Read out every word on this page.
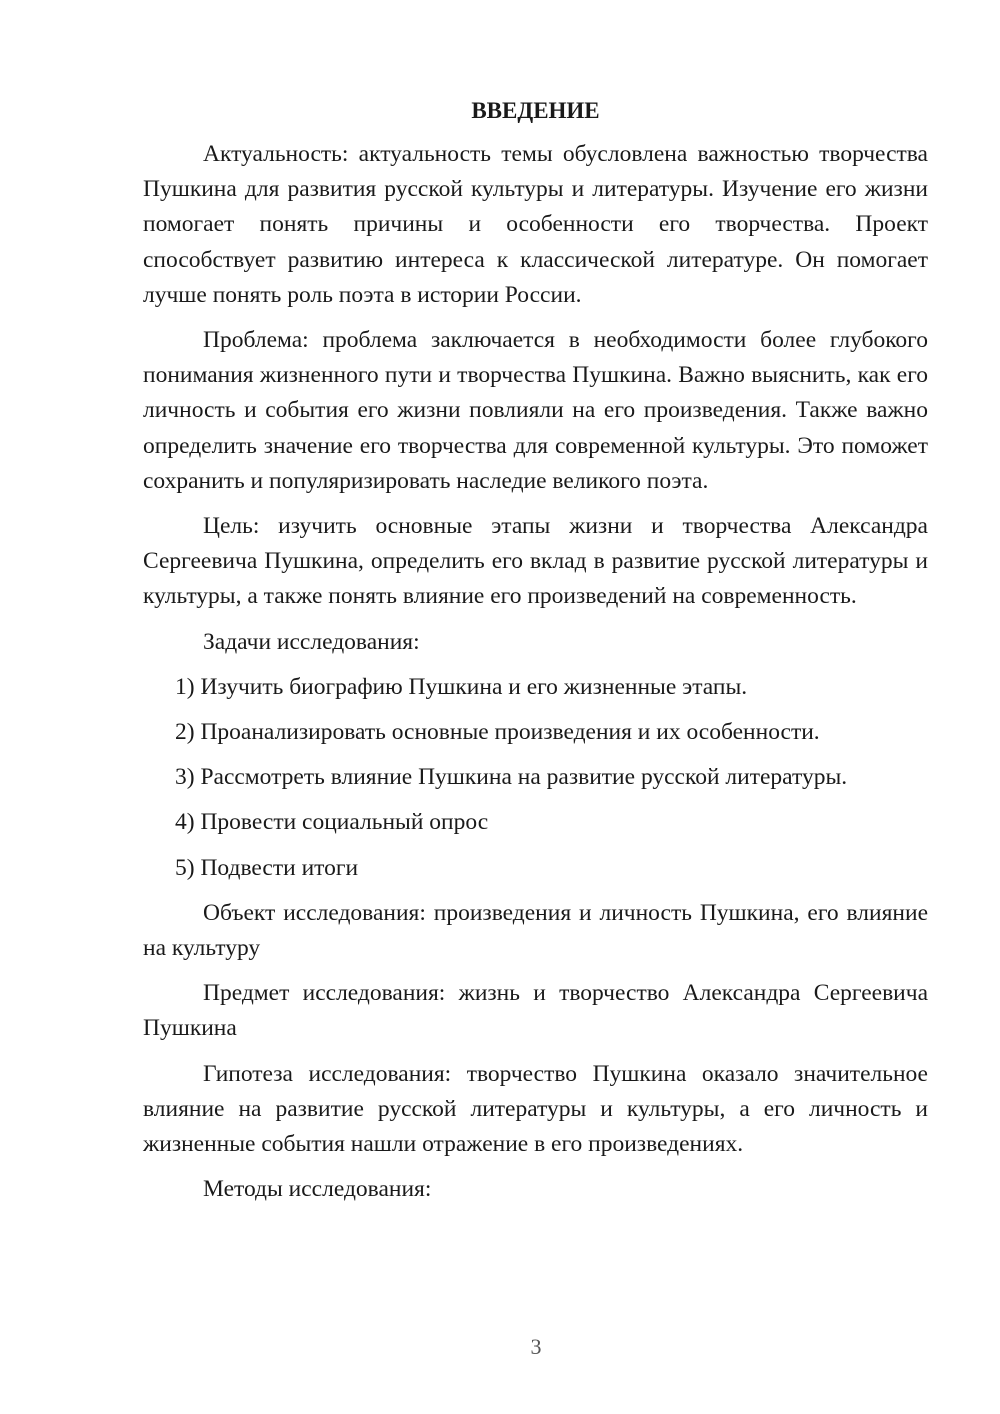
ВВЕДЕНИЕ

Актуальность: актуальность темы обусловлена важностью творчества Пушкина для развития русской культуры и литературы. Изучение его жизни помогает понять причины и особенности его творчества. Проект способствует развитию интереса к классической литературе. Он помогает лучше понять роль поэта в истории России.

Проблема: проблема заключается в необходимости более глубокого понимания жизненного пути и творчества Пушкина. Важно выяснить, как его личность и события его жизни повлияли на его произведения. Также важно определить значение его творчества для современной культуры. Это поможет сохранить и популяризировать наследие великого поэта.

Цель: изучить основные этапы жизни и творчества Александра Сергеевича Пушкина, определить его вклад в развитие русской литературы и культуры, а также понять влияние его произведений на современность.

Задачи исследования:

1) Изучить биографию Пушкина и его жизненные этапы.

2) Проанализировать основные произведения и их особенности.

3) Рассмотреть влияние Пушкина на развитие русской литературы.

4) Провести социальный опрос

5) Подвести итоги

Объект исследования: произведения и личность Пушкина, его влияние на культуру

Предмет исследования: жизнь и творчество Александра Сергеевича Пушкина

Гипотеза исследования: творчество Пушкина оказало значительное влияние на развитие русской литературы и культуры, а его личность и жизненные события нашли отражение в его произведениях.

Методы исследования:

3
